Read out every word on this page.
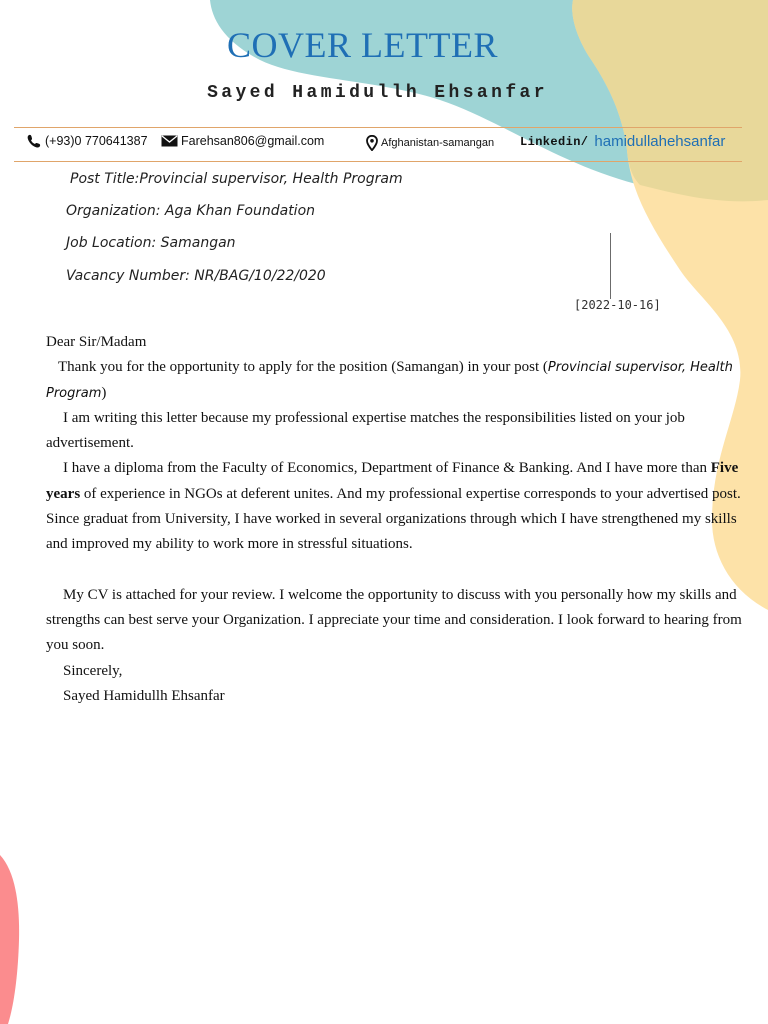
COVER LETTER
Sayed Hamidullh Ehsanfar
(+93)0 770641387	Farehsan806@gmail.com	Afghanistan-samangan Linkedin/ hamidullahehsanfar
Post Title:Provincial supervisor, Health Program
Organization: Aga Khan Foundation
Job Location: Samangan
Vacancy Number: NR/BAG/10/22/020
[2022-10-16]

Dear Sir/Madam

Thank you for the opportunity to apply for the position (Samangan) in your post (Provincial supervisor, Health Program)

I am writing this letter because my professional expertise matches the responsibilities listed on your job advertisement.

I have a diploma from the Faculty of Economics, Department of Finance & Banking. And I have more than Five years of experience in NGOs at deferent unites. And my professional expertise corresponds to your advertised post. Since graduat from University, I have worked in several organizations through which I have strengthened my skills and improved my ability to work more in stressful situations.

My CV is attached for your review. I welcome the opportunity to discuss with you personally how my skills and strengths can best serve your Organization. I appreciate your time and consideration. I look forward to hearing from you soon.

Sincerely,

Sayed Hamidullh Ehsanfar
